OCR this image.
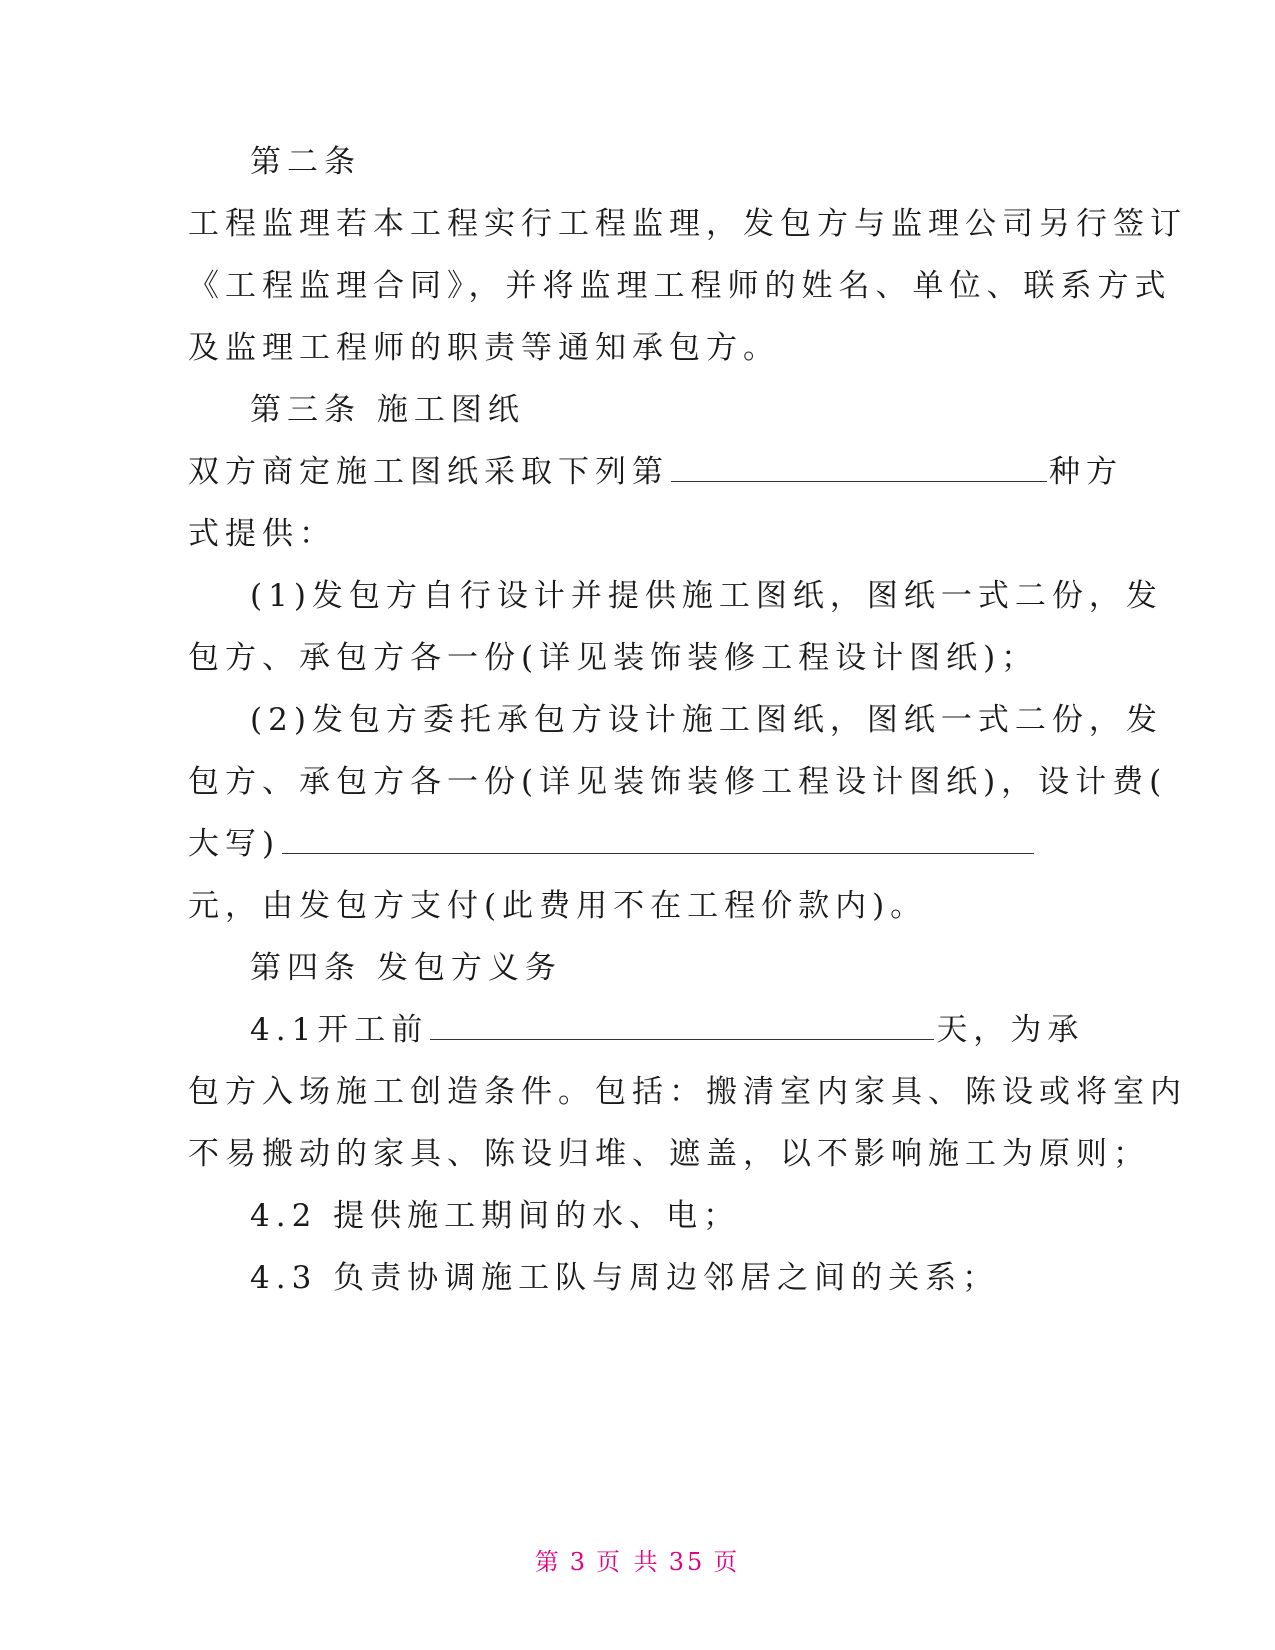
第二条
工程监理若本工程实行工程监理，发包方与监理公司另行签订
《工程监理合同》，并将监理工程师的姓名、单位、联系方式
及监理工程师的职责等通知承包方。
第三条 施工图纸
双方商定施工图纸采取下列第	种方
式提供：
(1)发包方自行设计并提供施工图纸，图纸一式二份，发
包方、承包方各一份(详见装饰装修工程设计图纸)；
(2)发包方委托承包方设计施工图纸，图纸一式二份，发
包方、承包方各一份(详见装饰装修工程设计图纸)，设计费(
大写)
元，由发包方支付(此费用不在工程价款内)。
第四条 发包方义务
4.1开工前	天，为承
包方入场施工创造条件。包括：搬清室内家具、陈设或将室内
不易搬动的家具、陈设归堆、遮盖，以不影响施工为原则；
4.2 提供施工期间的水、电；
4.3 负责协调施工队与周边邻居之间的关系；
第 3 页 共 35 页
